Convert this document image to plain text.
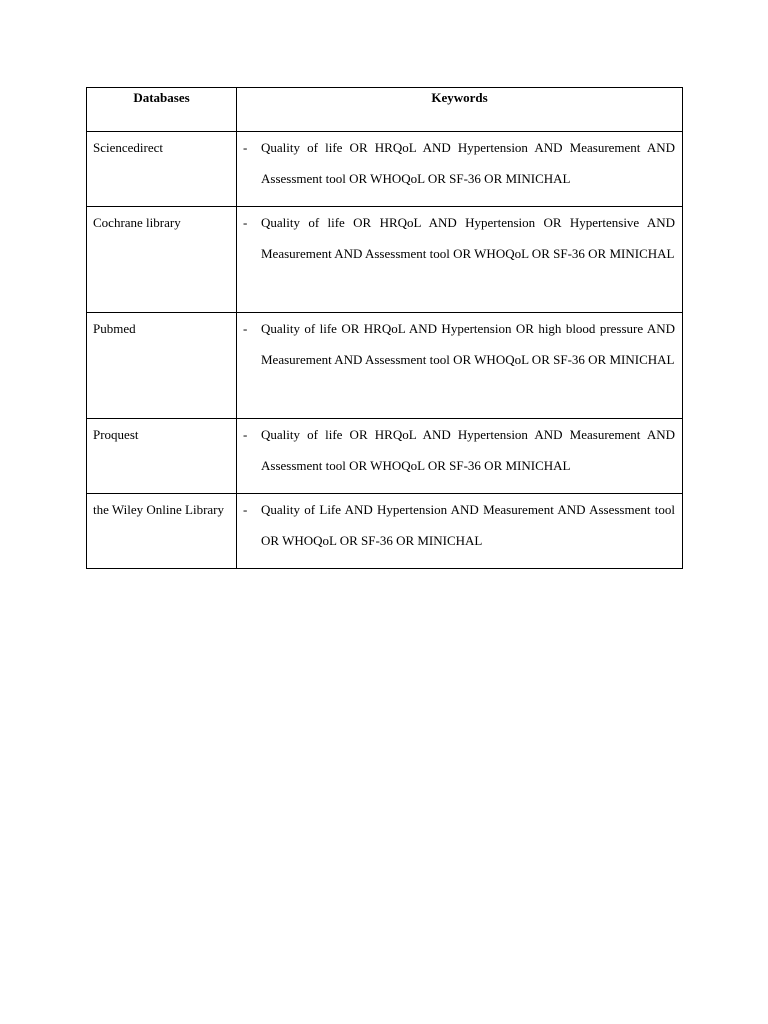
Databases	Keywords
Sciencedirect	- Quality of life OR HRQoL AND Hypertension AND Measurement AND Assessment tool OR WHOQoL OR SF-36 OR MINICHAL

Cochrane library	- Quality of life OR HRQoL AND Hypertension OR Hypertensive AND Measurement AND Assessment tool OR WHOQoL OR SF-36 OR MINICHAL

Pubmed	- Quality of life OR HRQoL AND Hypertension OR high blood pressure AND Measurement AND Assessment tool OR WHOQoL OR SF-36 OR MINICHAL

Proquest	- Quality of life OR HRQoL AND Hypertension AND Measurement AND Assessment tool OR WHOQoL OR SF-36 OR MINICHAL

the Wiley Online Library	- Quality of Life AND Hypertension AND Measurement AND Assessment tool OR WHOQoL OR SF-36 OR MINICHAL
